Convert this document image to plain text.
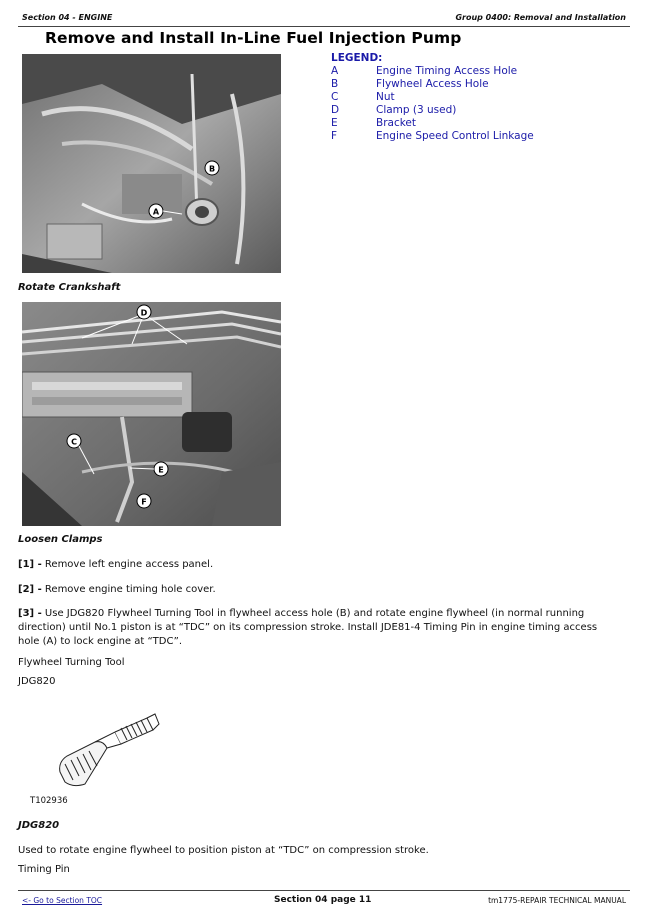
Section 04 - ENGINE	Group 0400: Removal and Installation
Remove and Install In-Line Fuel Injection Pump
B
A
LEGEND:
A	Engine Timing Access Hole
B	Flywheel Access Hole
C	Nut
D	Clamp (3 used)
E	Bracket
F	Engine Speed Control Linkage
Rotate Crankshaft
D
C
E
F
Loosen Clamps
[1] - Remove left engine access panel.
[2] - Remove engine timing hole cover.
[3] - Use JDG820 Flywheel Turning Tool in flywheel access hole (B) and rotate engine flywheel (in normal running direction) until No.1 piston is at “TDC” on its compression stroke. Install JDE81-4 Timing Pin in engine timing access hole (A) to lock engine at “TDC”.
Flywheel Turning Tool
JDG820
T102936
JDG820
Used to rotate engine flywheel to position piston at “TDC” on compression stroke.
Timing Pin
<- Go to Section TOC	Section 04 page 11	tm1775-REPAIR TECHNICAL MANUAL
